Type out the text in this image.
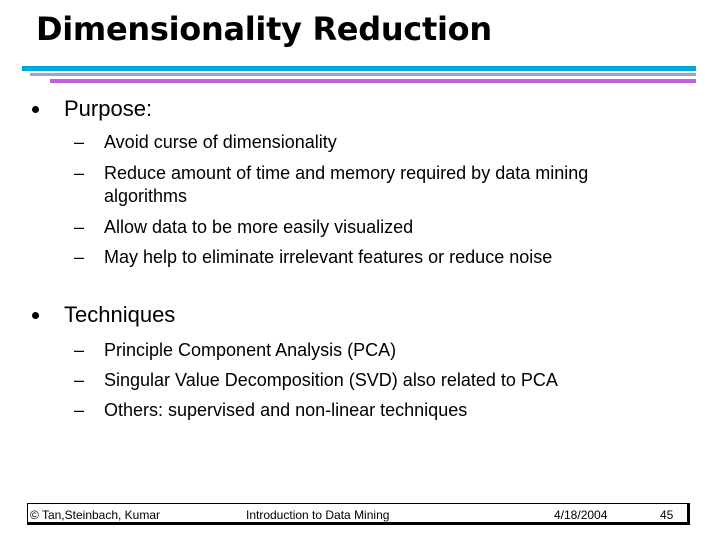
Dimensionality Reduction
Purpose:
–	Avoid curse of dimensionality
–	Reduce amount of time and memory required by data mining
algorithms
–	Allow data to be more easily visualized
–	May help to eliminate irrelevant features or reduce noise
Techniques
–	Principle Component Analysis (PCA)
–	Singular Value Decomposition (SVD) also related to PCA
–	Others: supervised and non-linear techniques
© Tan,Steinbach, Kumar	Introduction to Data Mining	4/18/2004	45
